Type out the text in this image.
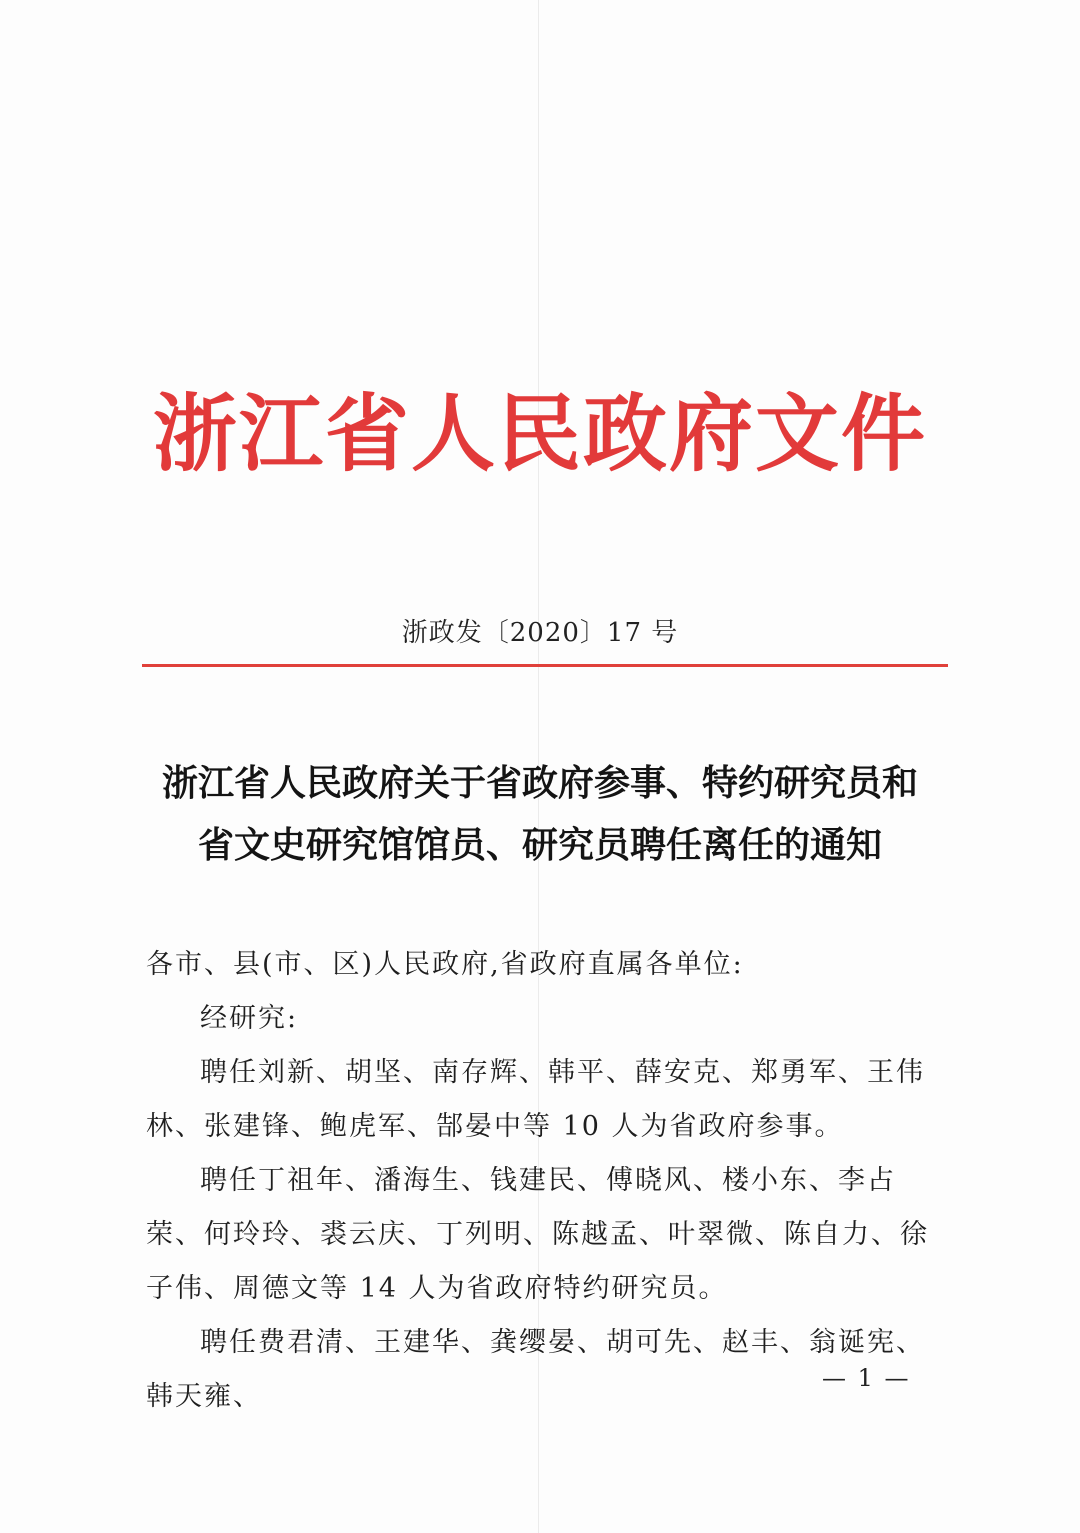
浙江省人民政府文件
浙政发〔2020〕17 号
浙江省人民政府关于省政府参事、特约研究员和
省文史研究馆馆员、研究员聘任离任的通知

各市、县(市、区)人民政府,省政府直属各单位:

经研究:

聘任刘新、胡坚、南存辉、韩平、薛安克、郑勇军、王伟林、张建锋、鲍虎军、郜晏中等 10 人为省政府参事。

聘任丁祖年、潘海生、钱建民、傅晓风、楼小东、李占荣、何玲玲、裘云庆、丁列明、陈越孟、叶翠微、陈自力、徐子伟、周德文等 14 人为省政府特约研究员。

聘任费君清、王建华、龚缨晏、胡可先、赵丰、翁诞宪、韩天雍、

— 1 —
